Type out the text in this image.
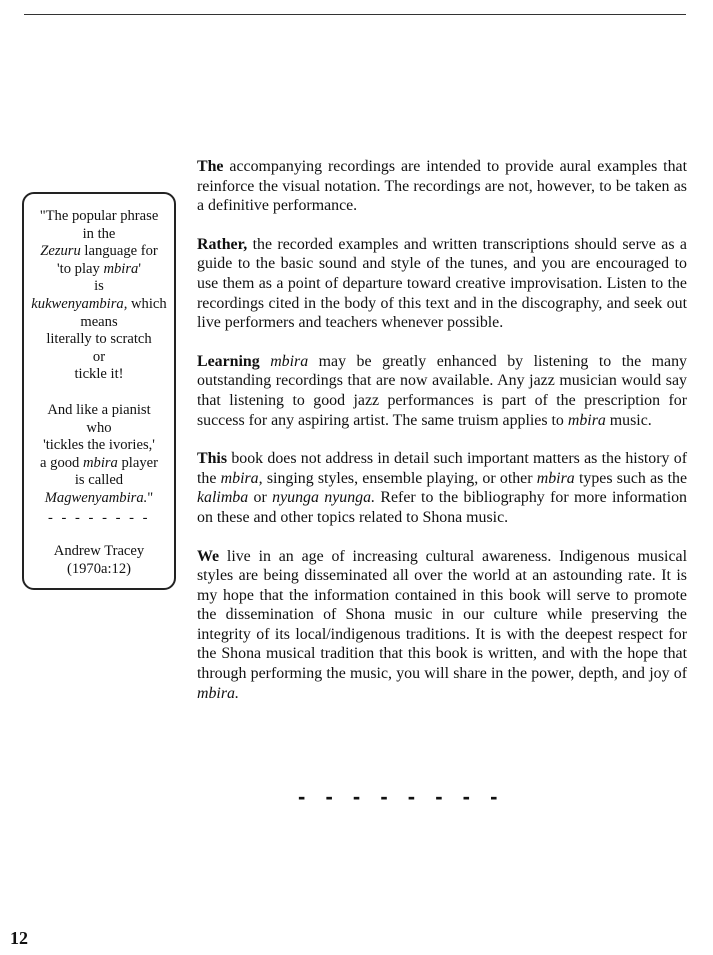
"The popular phrase
in the
Zezuru language for
'to play mbira'
is
kukwenyambira, which
means
literally to scratch
or
tickle it!
And like a pianist
who
'tickles the ivories,'
a good mbira player
is called
Magwenyambira."
- - - - - - - -
Andrew Tracey
(1970a:12)

The accompanying recordings are intended to provide aural examples that reinforce the visual notation. The recordings are not, however, to be taken as a definitive performance.

Rather, the recorded examples and written transcriptions should serve as a guide to the basic sound and style of the tunes, and you are encouraged to use them as a point of departure toward creative improvisation. Listen to the recordings cited in the body of this text and in the discography, and seek out live performers and teachers whenever possible.

Learning mbira may be greatly enhanced by listening to the many outstanding recordings that are now available. Any jazz musician would say that listening to good jazz performances is part of the prescription for success for any aspiring artist. The same truism applies to mbira music.

This book does not address in detail such important matters as the history of the mbira, singing styles, ensemble playing, or other mbira types such as the kalimba or nyunga nyunga. Refer to the bibliography for more information on these and other topics related to Shona music.

We live in an age of increasing cultural awareness. Indigenous musical styles are being disseminated all over the world at an astounding rate. It is my hope that the information contained in this book will serve to promote the dissemination of Shona music in our culture while preserving the integrity of its local/indigenous traditions. It is with the deepest respect for the Shona musical tradition that this book is written, and with the hope that through performing the music, you will share in the power, depth, and joy of mbira.

- - - - - - - -
12
